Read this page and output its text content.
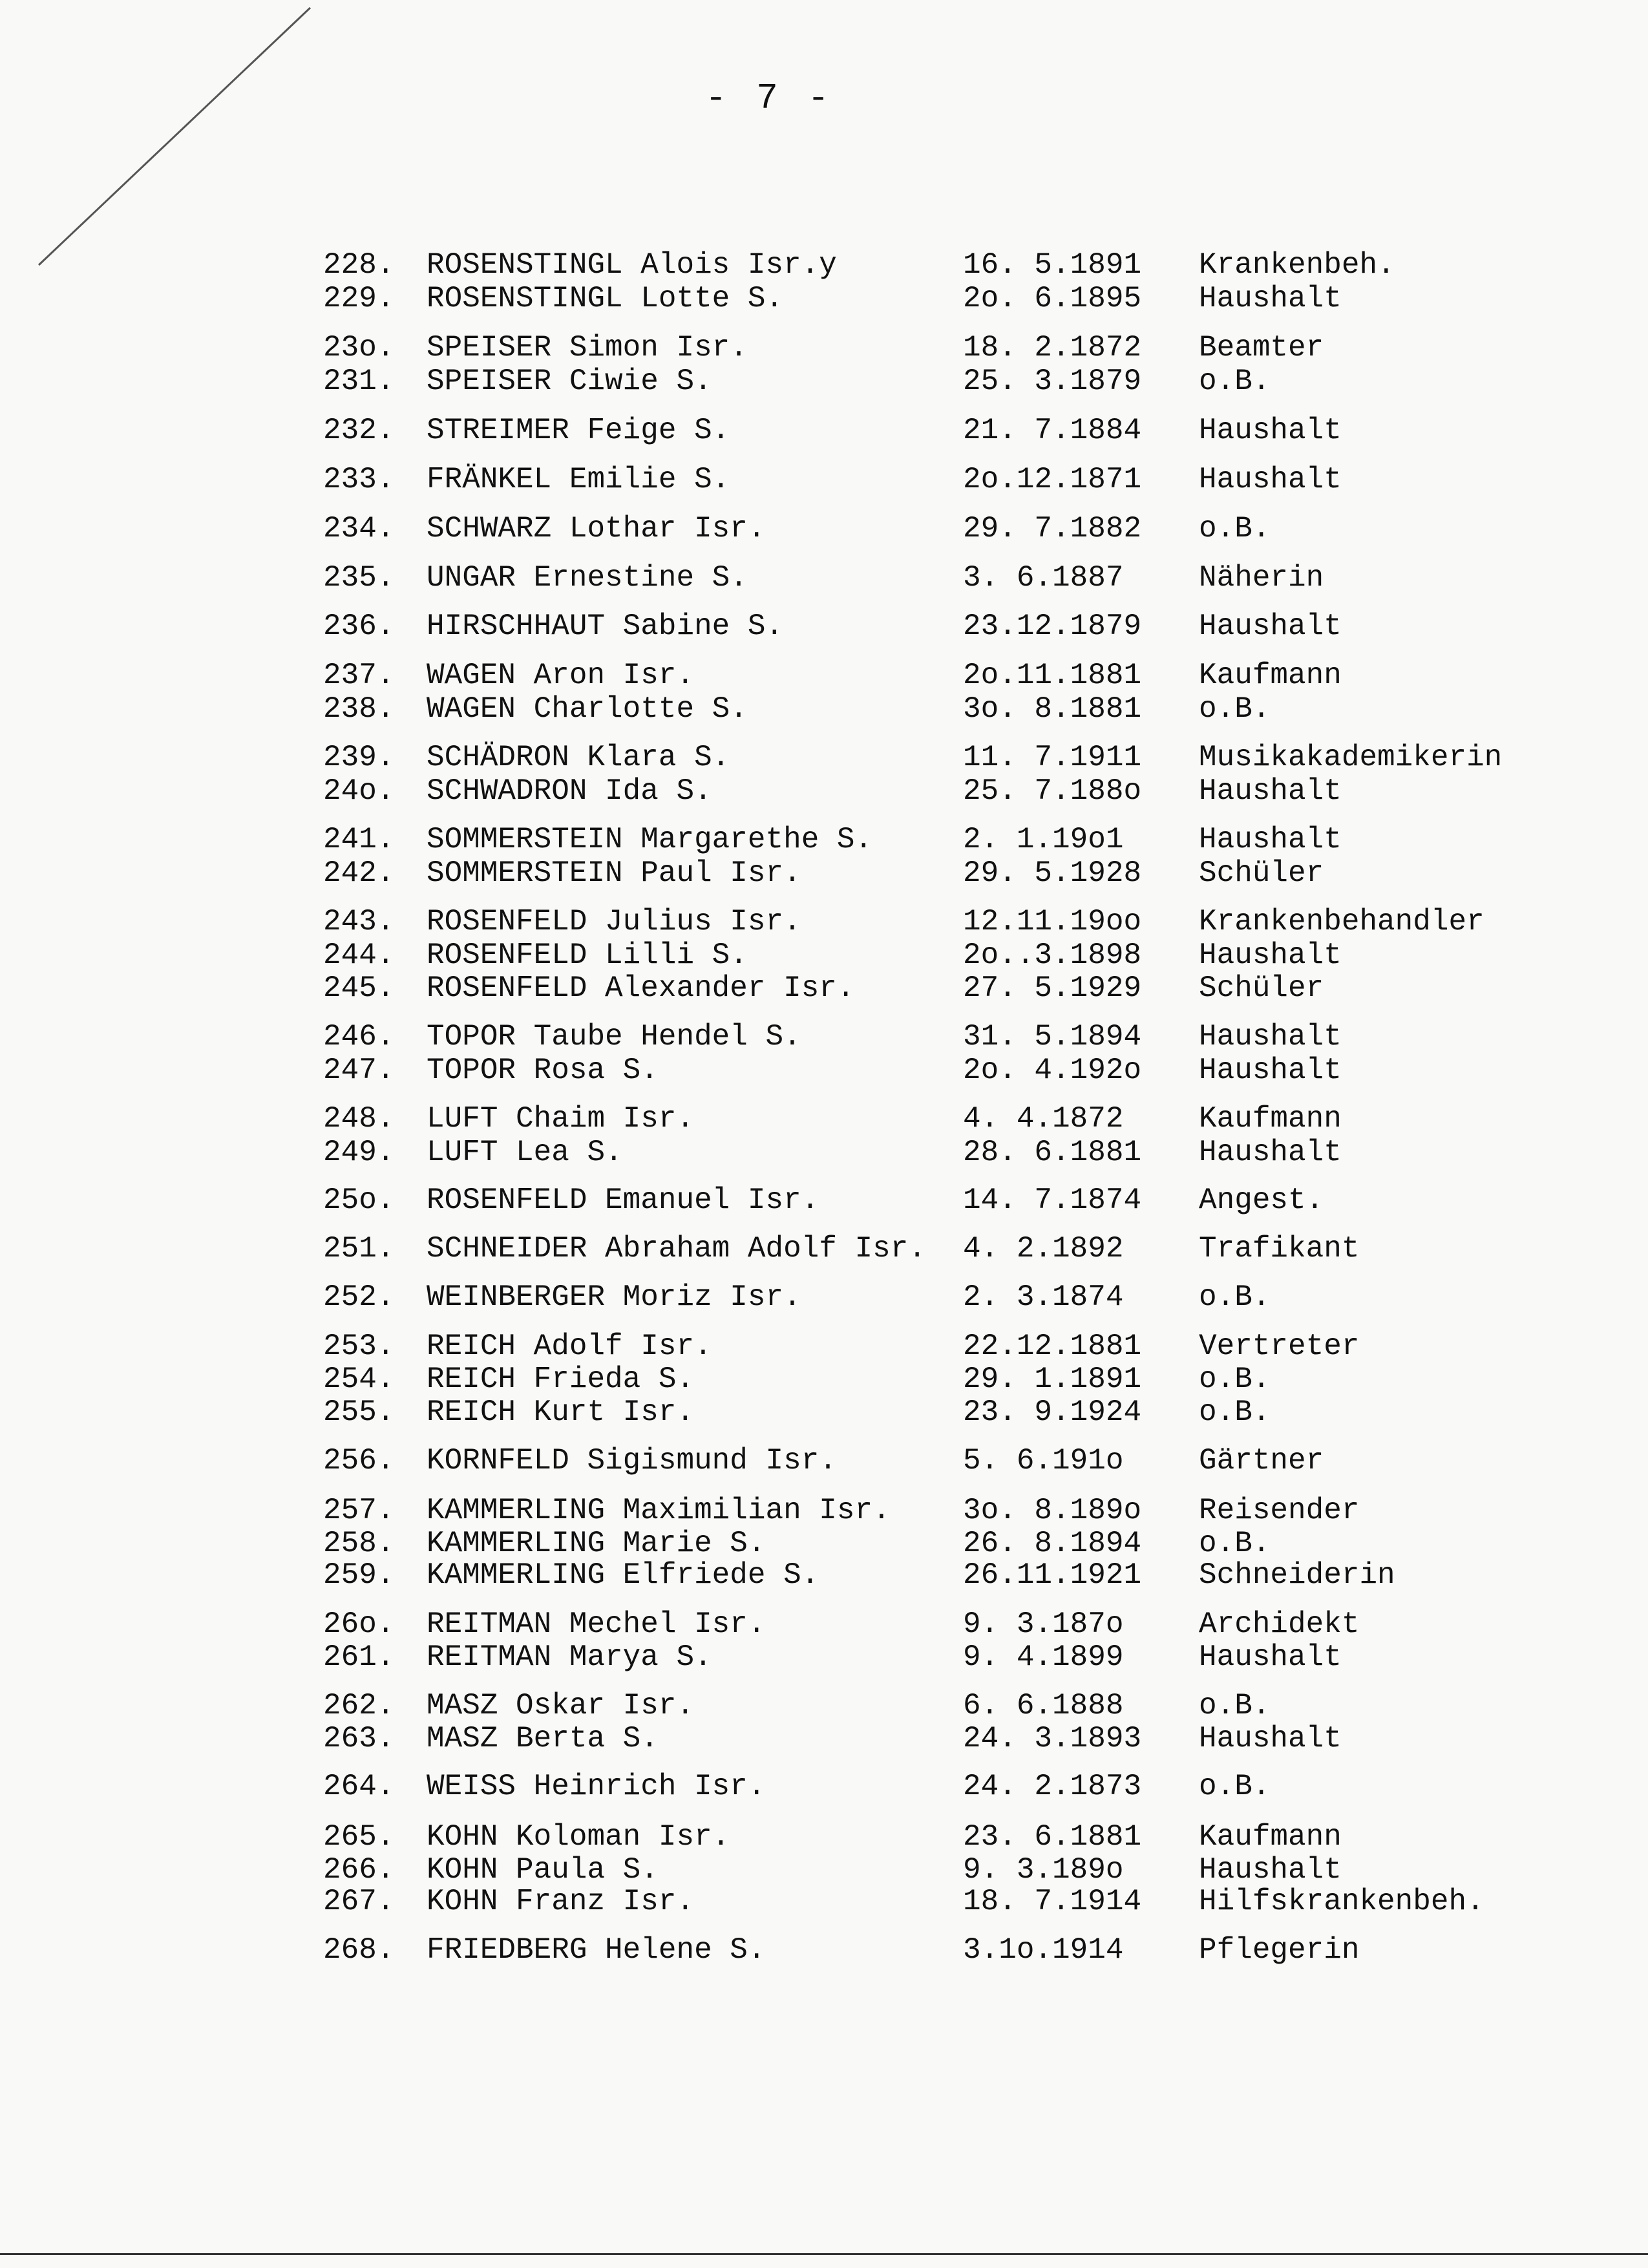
- 7 -
228. ROSENSTINGL Alois Isr.y	16. 5.1891 Krankenbeh.
229. ROSENSTINGL Lotte S.	2o. 6.1895 Haushalt
23o. SPEISER Simon Isr.	18. 2.1872 Beamter
231. SPEISER Ciwie S.	25. 3.1879 o.B.
232. STREIMER Feige S.	21. 7.1884 Haushalt
233. FRÄNKEL Emilie S.	2o.12.1871 Haushalt
234. SCHWARZ Lothar Isr.	29. 7.1882 o.B.
235. UNGAR Ernestine S.	3. 6.1887	Näherin
236. HIRSCHHAUT Sabine S.	23.12.1879 Haushalt
237. WAGEN Aron Isr.	2o.11.1881 Kaufmann
238. WAGEN Charlotte S.	3o. 8.1881 o.B.
239. SCHÄDRON Klara S.	11. 7.1911 Musikakademikerin
24o. SCHWADRON Ida S.	25. 7.188o Haushalt
241. SOMMERSTEIN Margarethe S.	2. 1.19o1	Haushalt
242. SOMMERSTEIN Paul Isr.	29. 5.1928 Schüler
243. ROSENFELD Julius Isr.	12.11.19oo Krankenbehandler
244. ROSENFELD Lilli S.	2o..3.1898 Haushalt
245. ROSENFELD Alexander Isr.	27. 5.1929 Schüler
246. TOPOR Taube Hendel S.	31. 5.1894 Haushalt
247. TOPOR Rosa S.	2o. 4.192o Haushalt
248. LUFT Chaim Isr.	4. 4.1872	Kaufmann
249. LUFT Lea S.	28. 6.1881 Haushalt
25o. ROSENFELD Emanuel Isr.	14. 7.1874 Angest.
251. SCHNEIDER Abraham Adolf Isr. 4. 2.1892	Trafikant
252. WEINBERGER Moriz Isr.	2. 3.1874	o.B.
253. REICH Adolf Isr.	22.12.1881 Vertreter
254. REICH Frieda S.	29. 1.1891 o.B.
255. REICH Kurt Isr.	23. 9.1924 o.B.
256. KORNFELD Sigismund Isr.	5. 6.191o	Gärtner
257. KAMMERLING Maximilian Isr. 3o. 8.189o Reisender
258. KAMMERLING Marie S.	26. 8.1894 o.B.
259. KAMMERLING Elfriede S.	26.11.1921 Schneiderin
26o. REITMAN Mechel Isr.	9. 3.187o	Archidekt
261. REITMAN Marya S.	9. 4.1899	Haushalt
262. MASZ Oskar Isr.	6. 6.1888	o.B.
263. MASZ Berta S.	24. 3.1893 Haushalt
264. WEISS Heinrich Isr.	24. 2.1873 o.B.
265. KOHN Koloman Isr.	23. 6.1881 Kaufmann
266. KOHN Paula S.	9. 3.189o	Haushalt
267. KOHN Franz Isr.	18. 7.1914 Hilfskrankenbeh.
268. FRIEDBERG Helene S.	3.1o.1914	Pflegerin
